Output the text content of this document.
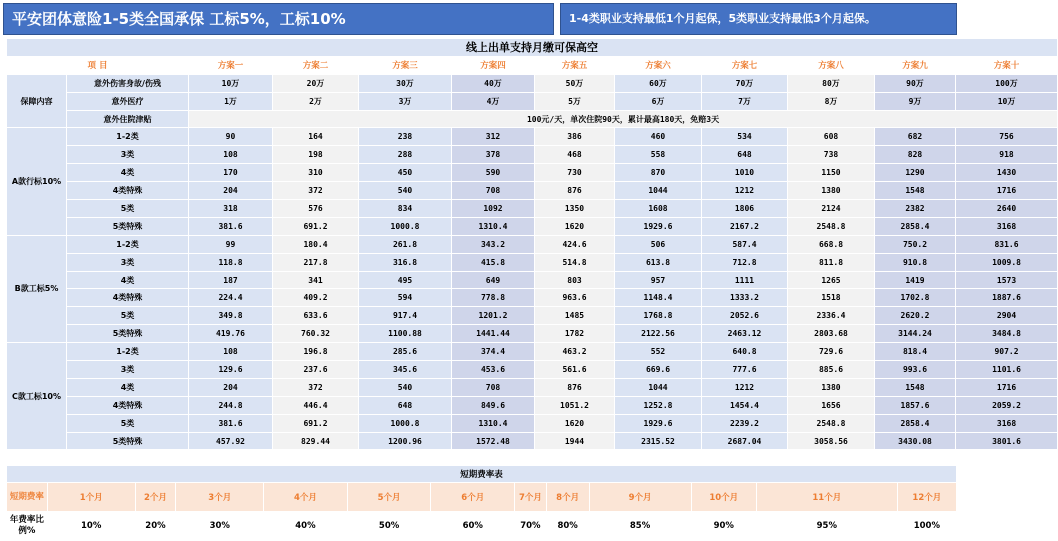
平安团体意险1-5类全国承保 工标5%，工标10%	1-4类职业支持最低1个月起保，5类职业支持最低3个月起保。
线上出单支持月缴可保高空											
项 目		方案一	方案二	方案三	方案四	方案五	方案六	方案七	方案八	方案九	方案十
保障内容	意外伤害身故/伤残	10万	20万	30万	40万	50万	60万	70万	80万	90万	100万
	意外医疗	1万	2万	3万	4万	5万	6万	7万	8万	9万	10万
	意外住院津贴	100元/天，单次住院90天，累计最高180天，免赔3天									
A款行标10%	1-2类	90	164	238	312	386	460	534	608	682	756
	3类	108	198	288	378	468	558	648	738	828	918
	4类	170	310	450	590	730	870	1010	1150	1290	1430
	4类特殊	204	372	540	708	876	1044	1212	1380	1548	1716
	5类	318	576	834	1092	1350	1608	1806	2124	2382	2640
	5类特殊	381.6	691.2	1000.8	1310.4	1620	1929.6	2167.2	2548.8	2858.4	3168
B款工标5%	1-2类	99	180.4	261.8	343.2	424.6	506	587.4	668.8	750.2	831.6
	3类	118.8	217.8	316.8	415.8	514.8	613.8	712.8	811.8	910.8	1009.8
	4类	187	341	495	649	803	957	1111	1265	1419	1573
	4类特殊	224.4	409.2	594	778.8	963.6	1148.4	1333.2	1518	1702.8	1887.6
	5类	349.8	633.6	917.4	1201.2	1485	1768.8	2052.6	2336.4	2620.2	2904
	5类特殊	419.76	760.32	1100.88	1441.44	1782	2122.56	2463.12	2803.68	3144.24	3484.8
C款工标10%	1-2类	108	196.8	285.6	374.4	463.2	552	640.8	729.6	818.4	907.2
	3类	129.6	237.6	345.6	453.6	561.6	669.6	777.6	885.6	993.6	1101.6
	4类	204	372	540	708	876	1044	1212	1380	1548	1716
	4类特殊	244.8	446.4	648	849.6	1051.2	1252.8	1454.4	1656	1857.6	2059.2
	5类	381.6	691.2	1000.8	1310.4	1620	1929.6	2239.2	2548.8	2858.4	3168
	5类特殊	457.92	829.44	1200.96	1572.48	1944	2315.52	2687.04	3058.56	3430.08	3801.6
短期费率表												
短期费率	1个月	2个月	3个月	4个月	5个月	6个月	7个月	8个月	9个月	10个月	11个月	12个月
年费率比例%	10%	20%	30%	40%	50%	60%	70%	80%	85%	90%	95%	100%
